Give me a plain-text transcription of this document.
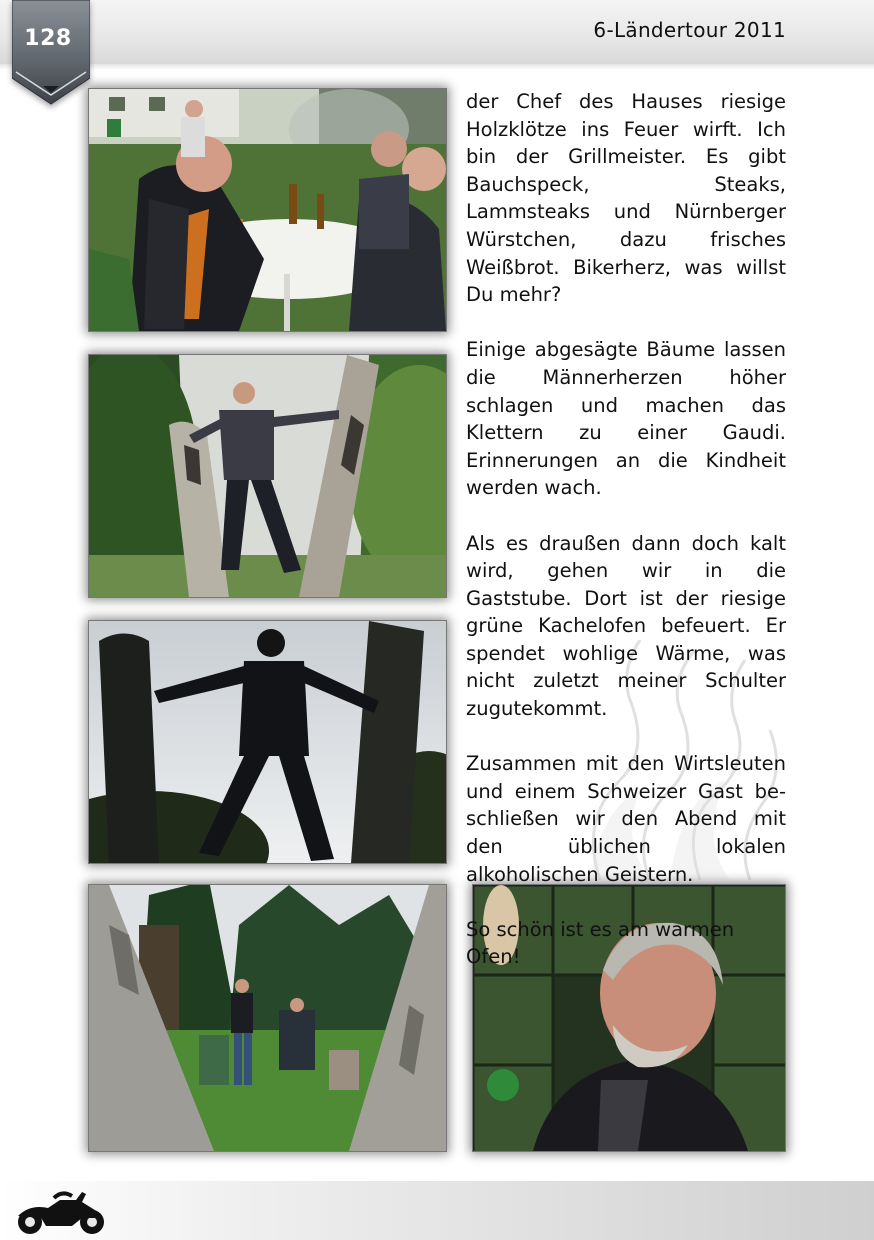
128	6-Ländertour 2011

der Chef des Hauses riesige Holzklötze ins Feuer wirft. Ich bin der Grillmeister. Es gibt Bauchspeck, Steaks, Lammsteaks und Nürnberger Würstchen, dazu frisches Weißbrot. Bikerherz, was willst Du mehr?

Einige abgesägte Bäume lassen die Männerherzen höher schlagen und machen das Klettern zu einer Gaudi. Erinnerungen an die Kindheit werden wach.

Als es draußen dann doch kalt wird, gehen wir in die Gaststube. Dort ist der riesige grüne Kachelofen befeuert. Er spendet wohlige Wärme, was nicht zuletzt meiner Schulter zugutekommt.

Zusammen mit den Wirtsleuten und einem Schweizer Gast beschließen wir den Abend mit den üblichen lokalen alkoholischen Geistern.

So schön ist es am warmen Ofen!
